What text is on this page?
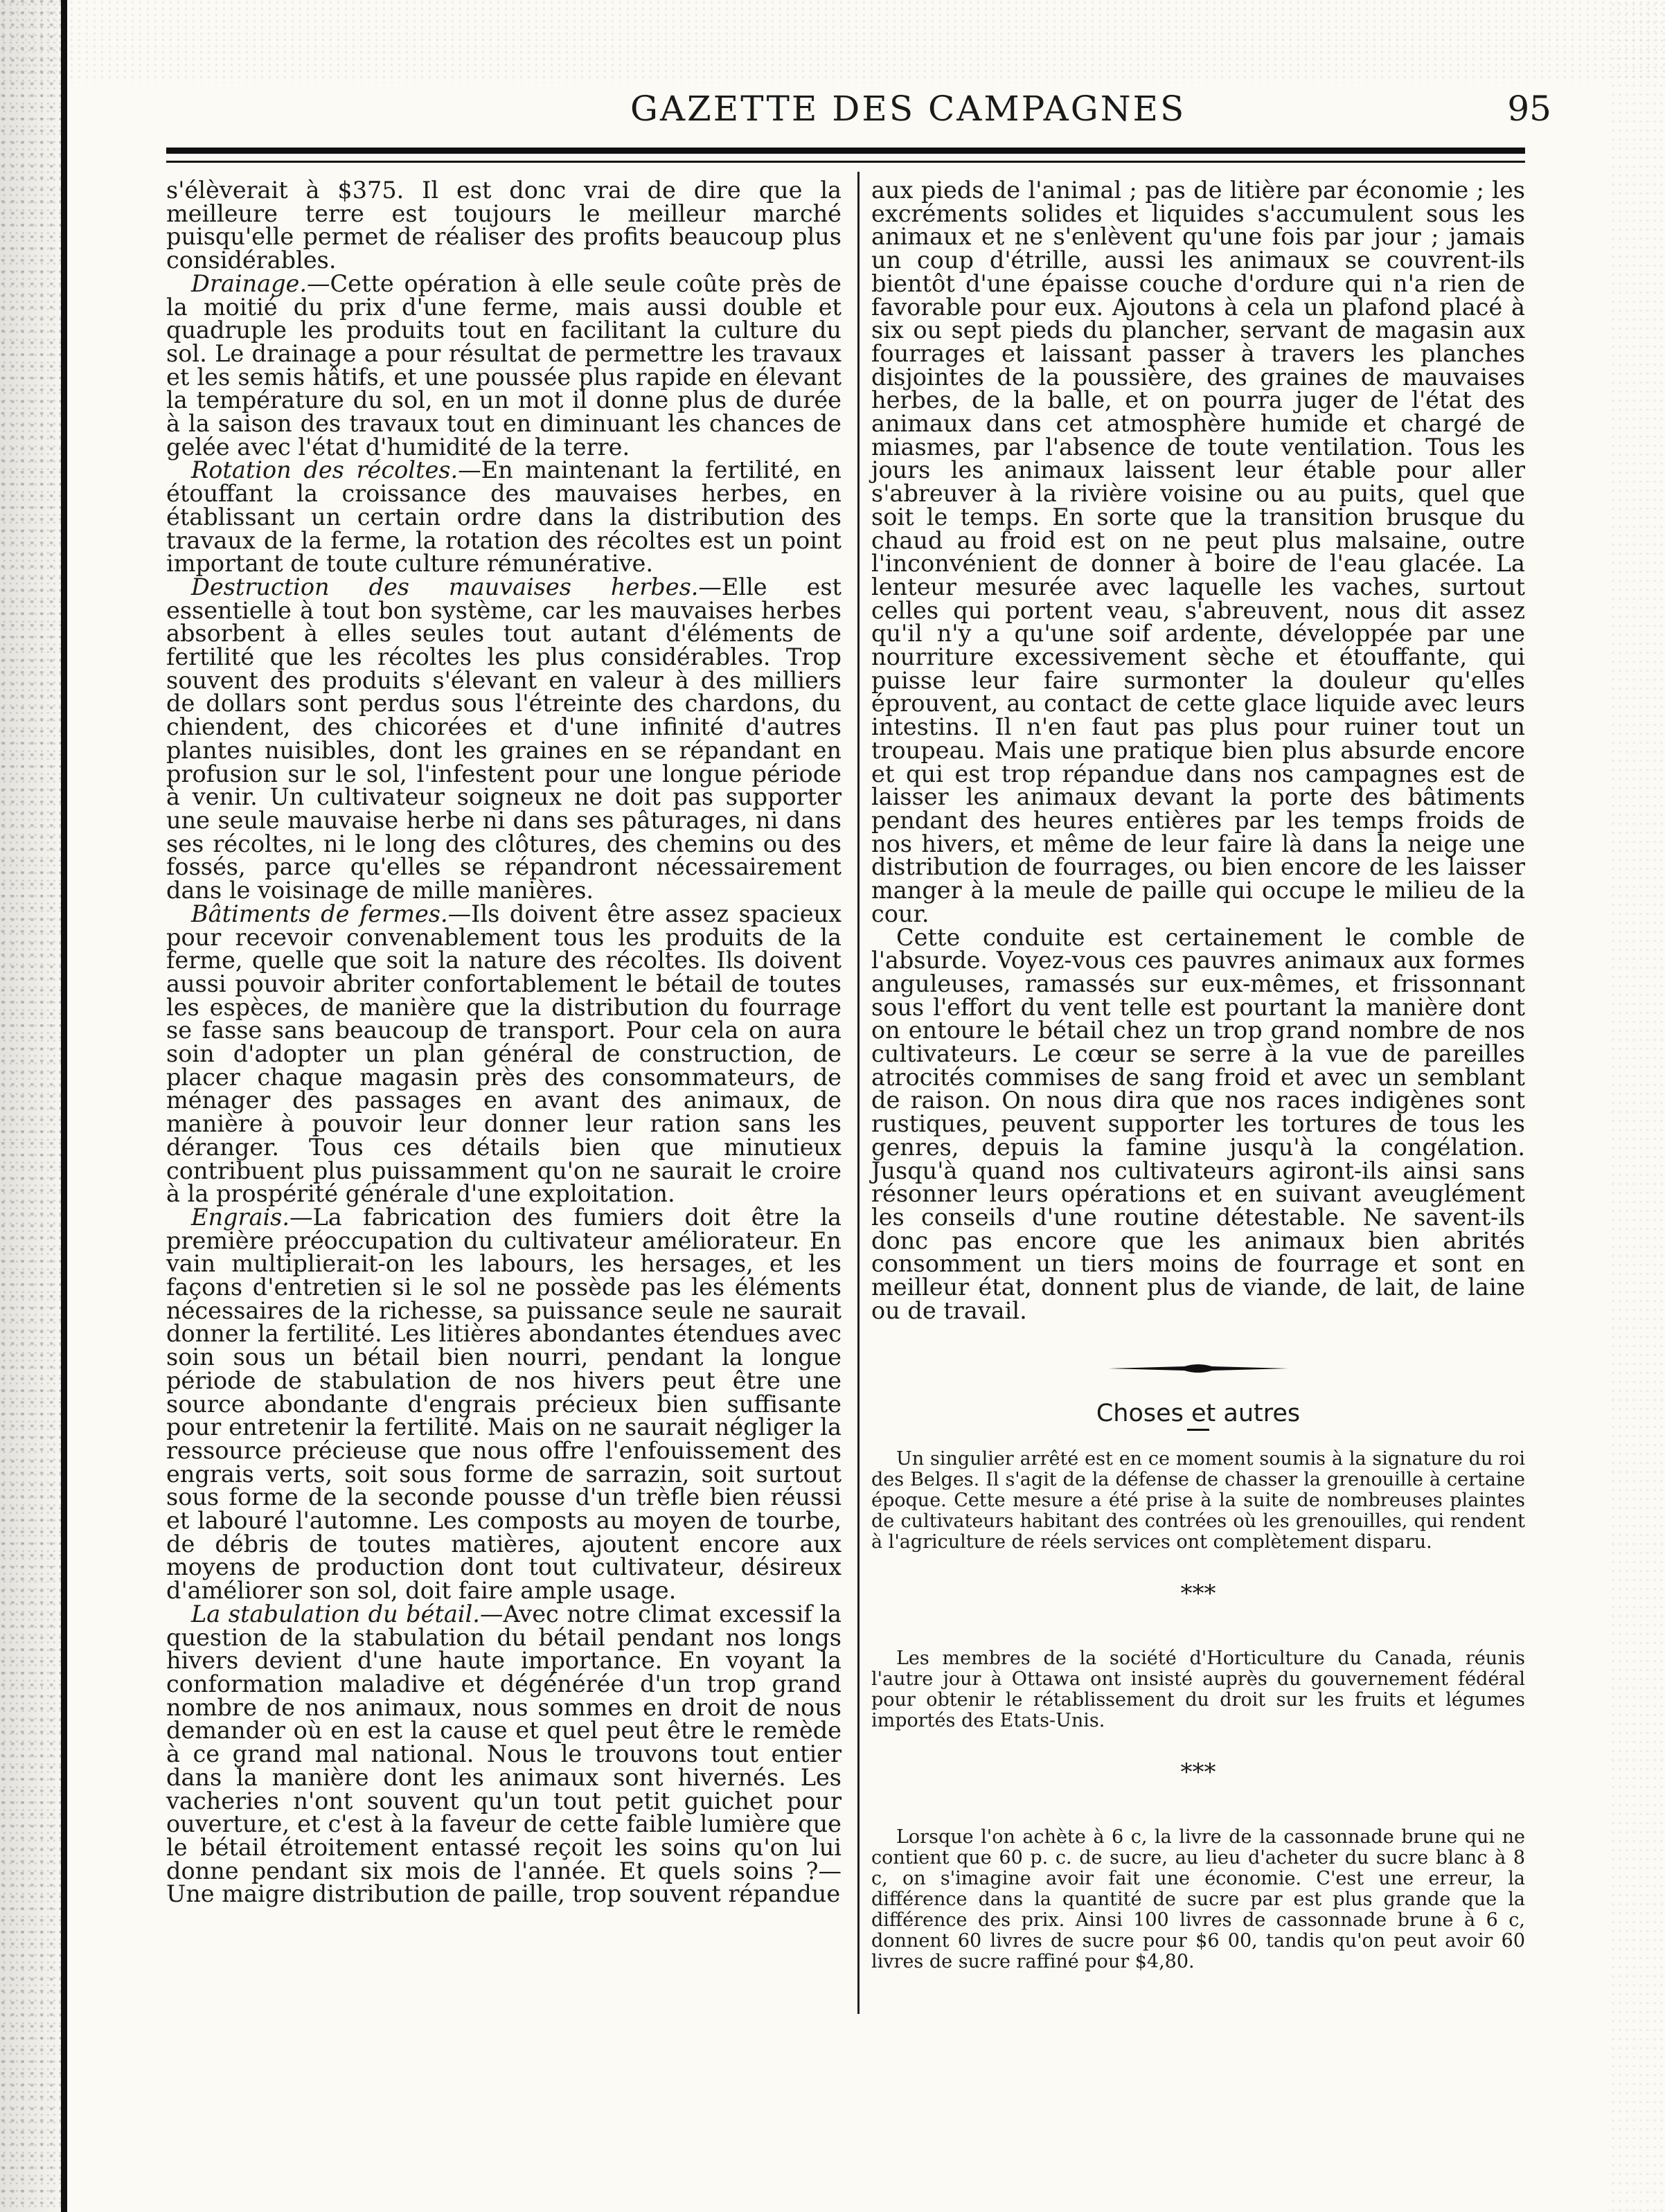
GAZETTE DES CAMPAGNES	95

s'élèverait à $375. Il est donc vrai de dire que la meilleure terre est toujours le meilleur marché puisqu'elle permet de réaliser des profits beaucoup plus considérables.

Drainage.—Cette opération à elle seule coûte près de la moitié du prix d'une ferme, mais aussi double et quadruple les produits tout en facilitant la culture du sol. Le drainage a pour résultat de permettre les travaux et les semis hâtifs, et une poussée plus rapide en élevant la température du sol, en un mot il donne plus de durée à la saison des travaux tout en diminuant les chances de gelée avec l'état d'humidité de la terre.

Rotation des récoltes.—En maintenant la fertilité, en étouffant la croissance des mauvaises herbes, en établissant un certain ordre dans la distribution des travaux de la ferme, la rotation des récoltes est un point important de toute culture rémunérative.

Destruction des mauvaises herbes.—Elle est essentielle à tout bon système, car les mauvaises herbes absorbent à elles seules tout autant d'éléments de fertilité que les récoltes les plus considérables. Trop souvent des produits s'élevant en valeur à des milliers de dollars sont perdus sous l'étreinte des chardons, du chiendent, des chicorées et d'une infinité d'autres plantes nuisibles, dont les graines en se répandant en profusion sur le sol, l'infestent pour une longue période à venir. Un cultivateur soigneux ne doit pas supporter une seule mauvaise herbe ni dans ses pâturages, ni dans ses récoltes, ni le long des clôtures, des chemins ou des fossés, parce qu'elles se répandront nécessairement dans le voisinage de mille manières.

Bâtiments de fermes.—Ils doivent être assez spacieux pour recevoir convenablement tous les produits de la ferme, quelle que soit la nature des récoltes. Ils doivent aussi pouvoir abriter confortablement le bétail de toutes les espèces, de manière que la distribution du fourrage se fasse sans beaucoup de transport. Pour cela on aura soin d'adopter un plan général de construction, de placer chaque magasin près des consommateurs, de ménager des passages en avant des animaux, de manière à pouvoir leur donner leur ration sans les déranger. Tous ces détails bien que minutieux contribuent plus puissamment qu'on ne saurait le croire à la prospérité générale d'une exploitation.

Engrais.—La fabrication des fumiers doit être la première préoccupation du cultivateur améliorateur. En vain multiplierait-on les labours, les hersages, et les façons d'entretien si le sol ne possède pas les éléments nécessaires de la richesse, sa puissance seule ne saurait donner la fertilité. Les litières abondantes étendues avec soin sous un bétail bien nourri, pendant la longue période de stabulation de nos hivers peut être une source abondante d'engrais précieux bien suffisante pour entretenir la fertilité. Mais on ne saurait négliger la ressource précieuse que nous offre l'enfouissement des engrais verts, soit sous forme de sarrazin, soit surtout sous forme de la seconde pousse d'un trèfle bien réussi et labouré l'automne. Les composts au moyen de tourbe, de débris de toutes matières, ajoutent encore aux moyens de production dont tout cultivateur, désireux d'améliorer son sol, doit faire ample usage.

La stabulation du bétail.—Avec notre climat excessif la question de la stabulation du bétail pendant nos longs hivers devient d'une haute importance. En voyant la conformation maladive et dégénérée d'un trop grand nombre de nos animaux, nous sommes en droit de nous demander où en est la cause et quel peut être le remède à ce grand mal national. Nous le trouvons tout entier dans la manière dont les animaux sont hivernés. Les vacheries n'ont souvent qu'un tout petit guichet pour ouverture, et c'est à la faveur de cette faible lumière que le bétail étroitement entassé reçoit les soins qu'on lui donne pendant six mois de l'année. Et quels soins ?— Une maigre distribution de paille, trop souvent répandue

aux pieds de l'animal ; pas de litière par économie ; les excréments solides et liquides s'accumulent sous les animaux et ne s'enlèvent qu'une fois par jour ; jamais un coup d'étrille, aussi les animaux se couvrent-ils bientôt d'une épaisse couche d'ordure qui n'a rien de favorable pour eux. Ajoutons à cela un plafond placé à six ou sept pieds du plancher, servant de magasin aux fourrages et laissant passer à travers les planches disjointes de la poussière, des graines de mauvaises herbes, de la balle, et on pourra juger de l'état des animaux dans cet atmosphère humide et chargé de miasmes, par l'absence de toute ventilation. Tous les jours les animaux laissent leur étable pour aller s'abreuver à la rivière voisine ou au puits, quel que soit le temps. En sorte que la transition brusque du chaud au froid est on ne peut plus malsaine, outre l'inconvénient de donner à boire de l'eau glacée. La lenteur mesurée avec laquelle les vaches, surtout celles qui portent veau, s'abreuvent, nous dit assez qu'il n'y a qu'une soif ardente, développée par une nourriture excessivement sèche et étouffante, qui puisse leur faire surmonter la douleur qu'elles éprouvent, au contact de cette glace liquide avec leurs intestins. Il n'en faut pas plus pour ruiner tout un troupeau. Mais une pratique bien plus absurde encore et qui est trop répandue dans nos campagnes est de laisser les animaux devant la porte des bâtiments pendant des heures entières par les temps froids de nos hivers, et même de leur faire là dans la neige une distribution de fourrages, ou bien encore de les laisser manger à la meule de paille qui occupe le milieu de la cour.

Cette conduite est certainement le comble de l'absurde. Voyez-vous ces pauvres animaux aux formes anguleuses, ramassés sur eux-mêmes, et frissonnant sous l'effort du vent telle est pourtant la manière dont on entoure le bétail chez un trop grand nombre de nos cultivateurs. Le cœur se serre à la vue de pareilles atrocités commises de sang froid et avec un semblant de raison. On nous dira que nos races indigènes sont rustiques, peuvent supporter les tortures de tous les genres, depuis la famine jusqu'à la congélation. Jusqu'à quand nos cultivateurs agiront-ils ainsi sans résonner leurs opérations et en suivant aveuglément les conseils d'une routine détestable. Ne savent-ils donc pas encore que les animaux bien abrités consomment un tiers moins de fourrage et sont en meilleur état, donnent plus de viande, de lait, de laine ou de travail.

Choses et autres

Un singulier arrêté est en ce moment soumis à la signature du roi des Belges. Il s'agit de la défense de chasser la grenouille à certaine époque. Cette mesure a été prise à la suite de nombreuses plaintes de cultivateurs habitant des contrées où les grenouilles, qui rendent à l'agriculture de réels services ont complètement disparu.

***

Les membres de la société d'Horticulture du Canada, réunis l'autre jour à Ottawa ont insisté auprès du gouvernement fédéral pour obtenir le rétablissement du droit sur les fruits et légumes importés des Etats-Unis.

***

Lorsque l'on achète à 6 c, la livre de la cassonnade brune qui ne contient que 60 p. c. de sucre, au lieu d'acheter du sucre blanc à 8 c, on s'imagine avoir fait une économie. C'est une erreur, la différence dans la quantité de sucre par est plus grande que la différence des prix. Ainsi 100 livres de cassonnade brune à 6 c, donnent 60 livres de sucre pour $6 00, tandis qu'on peut avoir 60 livres de sucre raffiné pour $4,80.
